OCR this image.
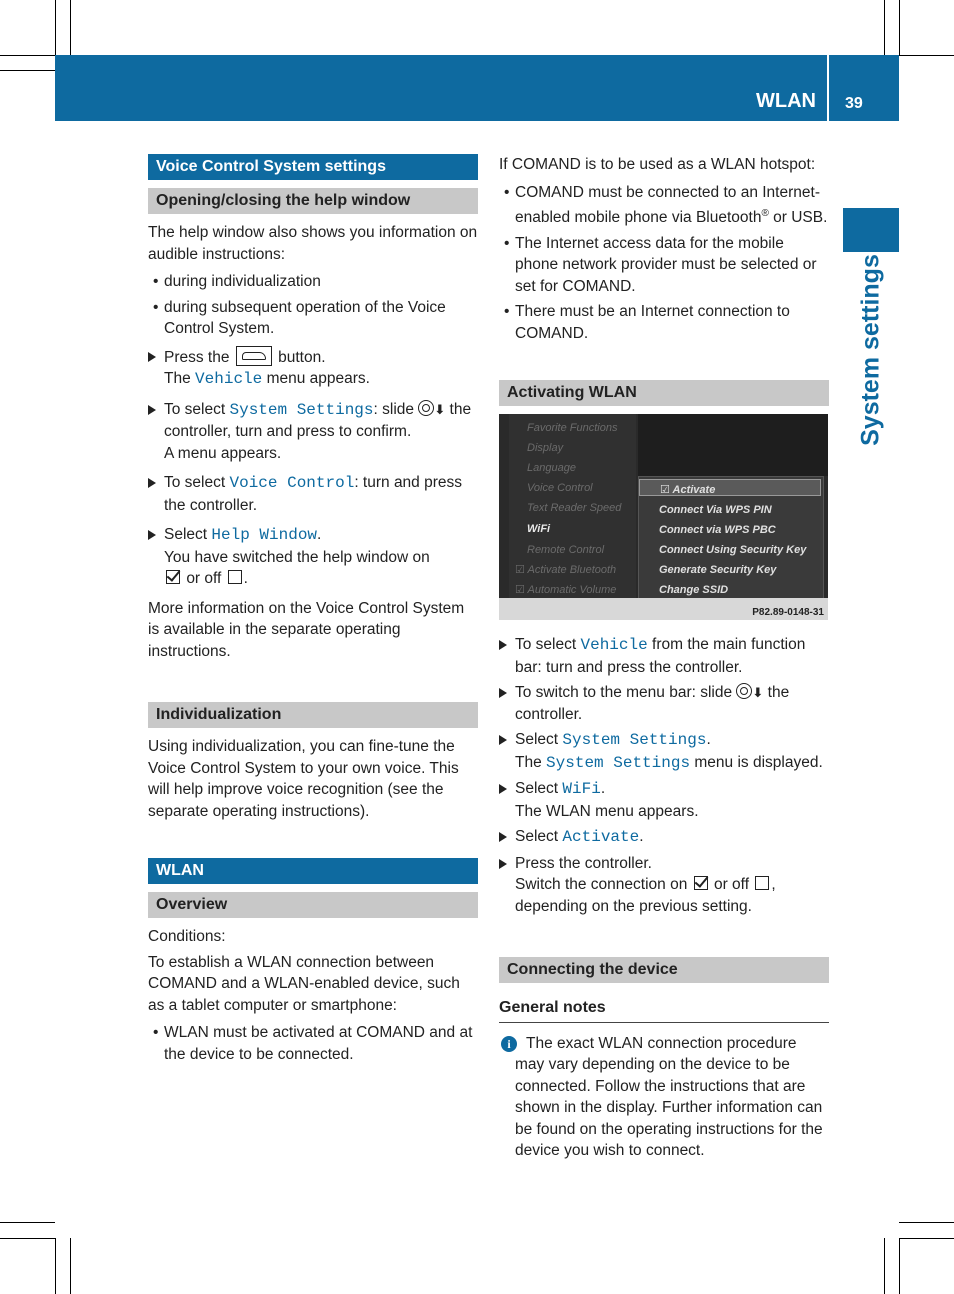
WLAN 39
System settings
Voice Control System settings
Opening/closing the help window

The help window also shows you information on audible instructions:

• during individualization
• during subsequent operation of the Voice Control System.
Press the	button.
The Vehicle menu appears.
To select System Settings: slide ⬇ the controller, turn and press to confirm.
A menu appears.
To select Voice Control: turn and press the controller.
Select Help Window.
You have switched the help window on
or off .

More information on the Voice Control System is available in the separate operating instructions.

Individualization

Using individualization, you can fine-tune the Voice Control System to your own voice. This will help improve voice recognition (see the separate operating instructions).

WLAN
Overview

Conditions:

To establish a WLAN connection between COMAND and a WLAN-enabled device, such as a tablet computer or smartphone:

• WLAN must be activated at COMAND and at the device to be connected.

If COMAND is to be used as a WLAN hotspot:

• COMAND must be connected to an Internet-enabled mobile phone via Bluetooth® or USB.
• The Internet access data for the mobile phone network provider must be selected or set for COMAND.
• There must be an Internet connection to COMAND.
Activating WLAN
Favorite Functions
Display
Language
Voice Control
Text Reader Speed
WiFi
Remote Control
☑ Activate Bluetooth
☑ Automatic Volume
☑ Activate
Connect Via WPS PIN
Connect via WPS PBC
Connect Using Security Key
Generate Security Key
Change SSID
P82.89-0148-31
To select Vehicle from the main function bar: turn and press the controller.
To switch to the menu bar: slide ⬇ the controller.
Select System Settings.
The System Settings menu is displayed.
Select WiFi.
The WLAN menu appears.
Select Activate.
Press the controller.
Switch the connection on or off ,
depending on the previous setting.
Connecting the device
General notes
i The exact WLAN connection procedure may vary depending on the device to be connected. Follow the instructions that are shown in the display. Further information can be found on the operating instructions for the device you wish to connect.
